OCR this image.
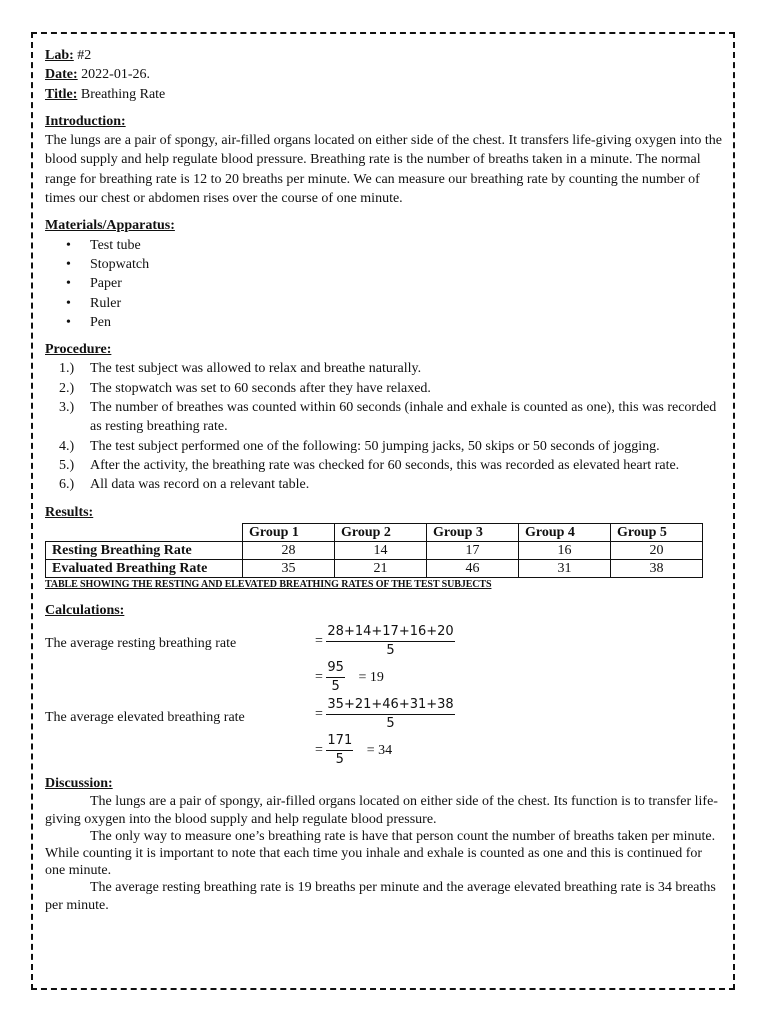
Lab: #2
Date: 2022-01-26.
Title: Breathing Rate
Introduction:

The lungs are a pair of spongy, air-filled organs located on either side of the chest. It transfers life-giving oxygen into the blood supply and help regulate blood pressure. Breathing rate is the number of breaths taken in a minute. The normal range for breathing rate is 12 to 20 breaths per minute. We can measure our breathing rate by counting the number of times our chest or abdomen rises over the course of one minute.

Materials/Apparatus:
• Test tube
• Stopwatch
• Paper
• Ruler
• Pen
Procedure:
1.) The test subject was allowed to relax and breathe naturally.
2.) The stopwatch was set to 60 seconds after they have relaxed.
3.) The number of breathes was counted within 60 seconds (inhale and exhale is counted as one), this was recorded as resting breathing rate.
4.) The test subject performed one of the following: 50 jumping jacks, 50 skips or 50 seconds of jogging.
5.) After the activity, the breathing rate was checked for 60 seconds, this was recorded as elevated heart rate.
6.) All data was record on a relevant table.
Results:
	Group 1	Group 2	Group 3	Group 4	Group 5
Resting Breathing Rate	28	14	17	16	20
Evaluated Breathing Rate	35	21	46	31	38
TABLE SHOWING THE RESTING AND ELEVATED BREATHING RATES OF THE TEST SUBJECTS
Calculations:
The average resting breathing rate	= $\frac{28+14+17+16+20}{5}$
= $\frac{95}{5} = 19$
The average elevated breathing rate	= $\frac{35+21+46+31+38}{5}$
= $\frac{171}{5} = 34$
Discussion:

The lungs are a pair of spongy, air-filled organs located on either side of the chest. Its function is to transfer life-giving oxygen into the blood supply and help regulate blood pressure.

The only way to measure one’s breathing rate is have that person count the number of breaths taken per minute. While counting it is important to note that each time you inhale and exhale is counted as one and this is continued for one minute.

The average resting breathing rate is 19 breaths per minute and the average elevated breathing rate is 34 breaths per minute.
